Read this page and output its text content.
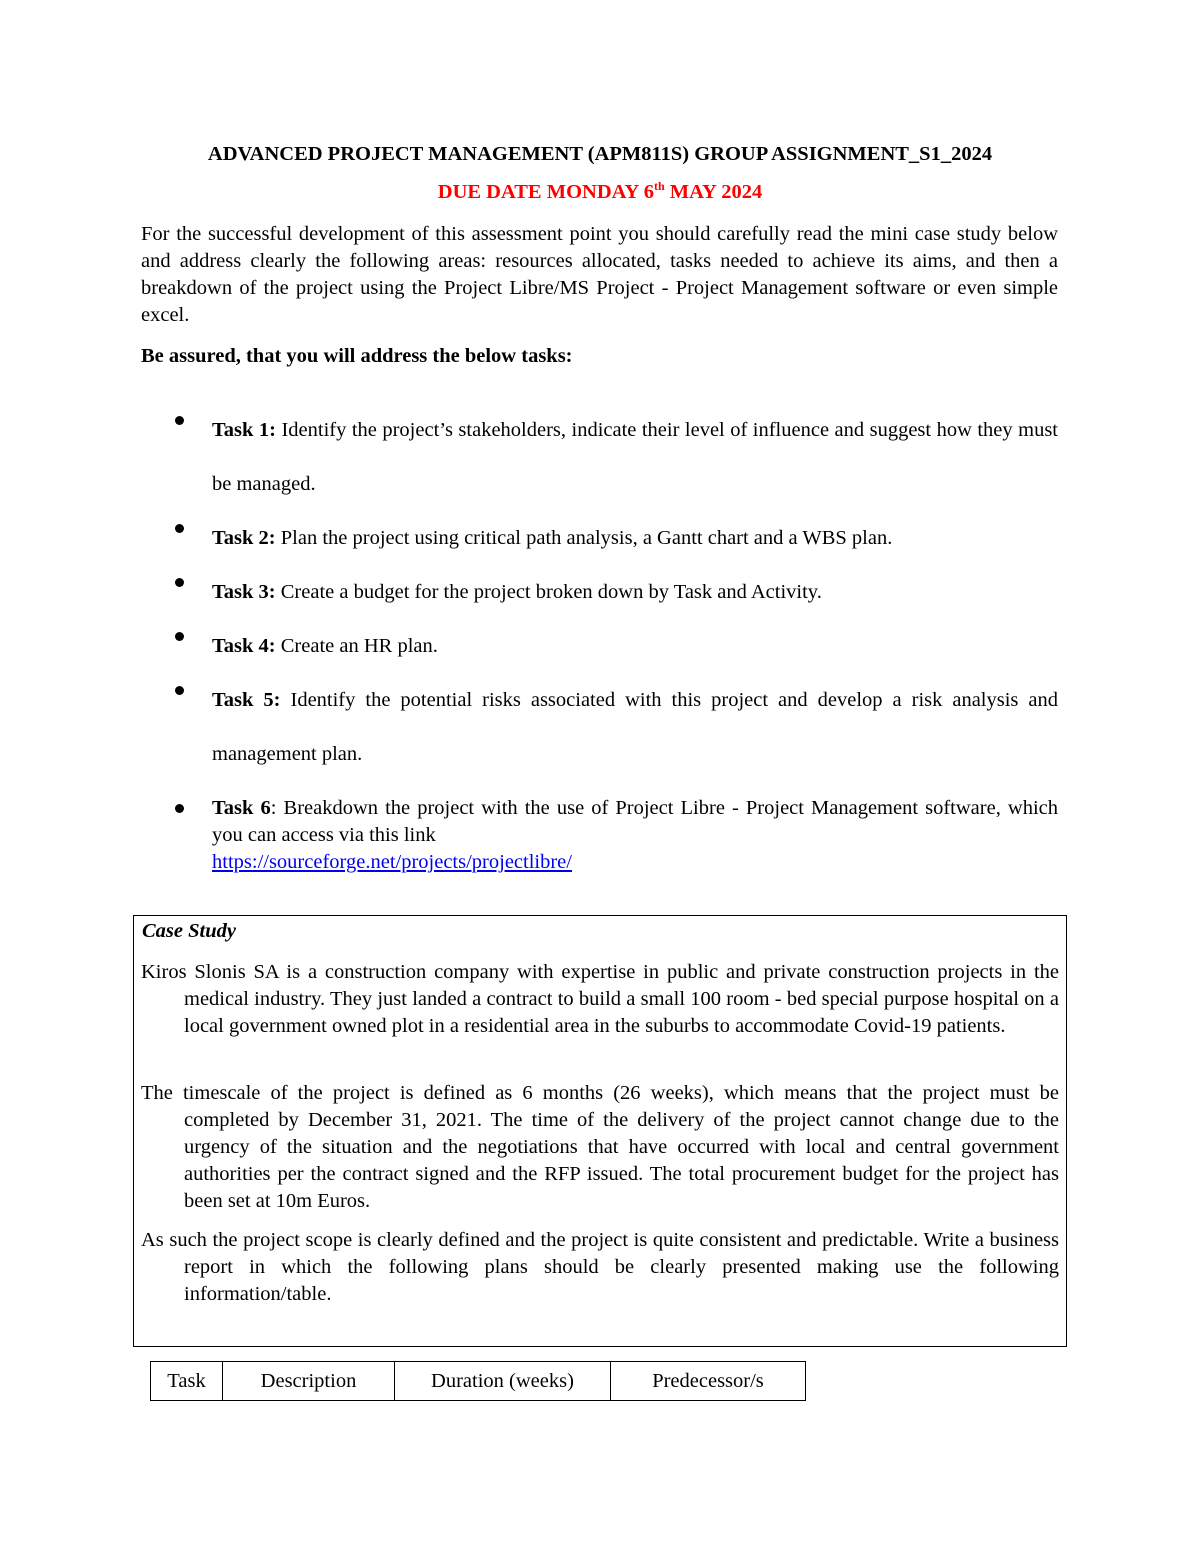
ADVANCED PROJECT MANAGEMENT (APM811S) GROUP ASSIGNMENT_S1_2024
DUE DATE MONDAY 6th MAY 2024
For the successful development of this assessment point you should carefully read the mini case study below and address clearly the following areas: resources allocated, tasks needed to achieve its aims, and then a breakdown of the project using the Project Libre/MS Project - Project Management software or even simple excel.
Be assured, that you will address the below tasks:
Task 1: Identify the project’s stakeholders, indicate their level of influence and suggest how they must be managed.
Task 2: Plan the project using critical path analysis, a Gantt chart and a WBS plan.
Task 3: Create a budget for the project broken down by Task and Activity.
Task 4: Create an HR plan.
Task 5: Identify the potential risks associated with this project and develop a risk analysis and management plan.
Task 6: Breakdown the project with the use of Project Libre - Project Management software, which you can access via this link
https://sourceforge.net/projects/projectlibre/
Case Study
Kiros Slonis SA is a construction company with expertise in public and private construction projects in the medical industry. They just landed a contract to build a small 100 room - bed special purpose hospital on a local government owned plot in a residential area in the suburbs to accommodate Covid-19 patients.
The timescale of the project is defined as 6 months (26 weeks), which means that the project must be completed by December 31, 2021. The time of the delivery of the project cannot change due to the urgency of the situation and the negotiations that have occurred with local and central government authorities per the contract signed and the RFP issued. The total procurement budget for the project has been set at 10m Euros.
As such the project scope is clearly defined and the project is quite consistent and predictable. Write a business report in which the following plans should be clearly presented making use the following information/table.
Task	Description	Duration (weeks)	Predecessor/s
